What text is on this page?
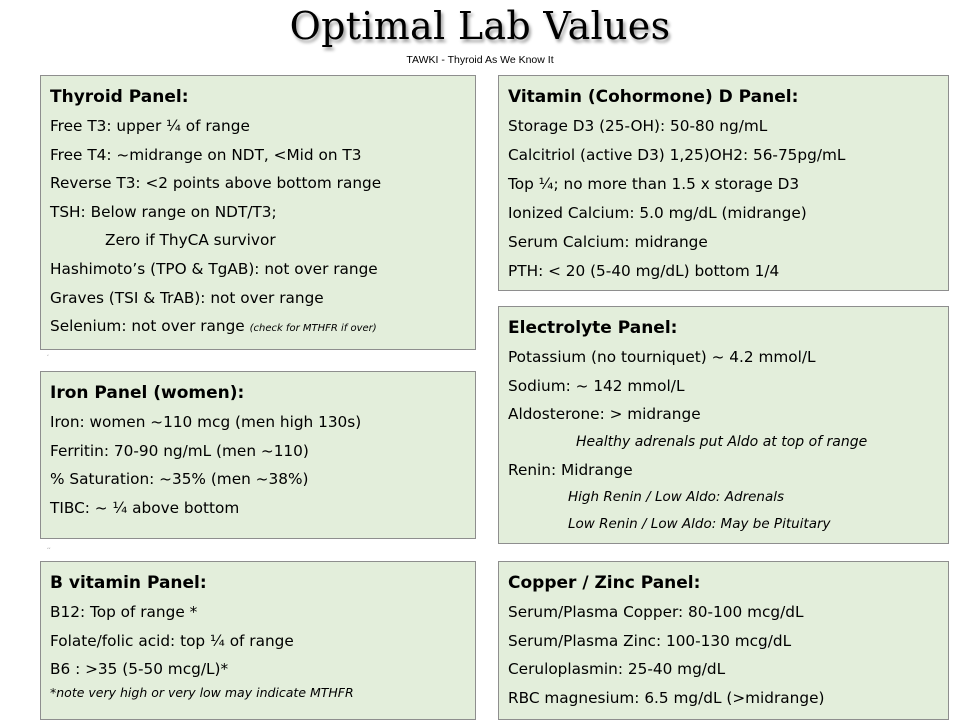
Optimal Lab Values
TAWKI - Thyroid As We Know It
Thyroid Panel:
Free T3: upper ¼ of range
Free T4: ~midrange on NDT, <Mid on T3
Reverse T3: <2 points above bottom range
TSH: Below range on NDT/T3;
Zero if ThyCA survivor
Hashimoto’s (TPO & TgAB): not over range
Graves (TSI & TrAB): not over range
Selenium: not over range (check for MTHFR if over)
‘
Iron Panel (women):
Iron: women ~110 mcg (men high 130s)
Ferritin: 70-90 ng/mL (men ~110)
% Saturation: ~35% (men ~38%)
TIBC: ~ ¼ above bottom
‘‘
B vitamin Panel:
B12: Top of range *
Folate/folic acid: top ¼ of range
B6 : >35 (5-50 mcg/L)*
*note very high or very low may indicate MTHFR
Vitamin (Cohormone) D Panel:
Storage D3 (25-OH): 50-80 ng/mL
Calcitriol (active D3) 1,25)OH2: 56-75pg/mL
Top ¼; no more than 1.5 x storage D3
Ionized Calcium: 5.0 mg/dL (midrange)
Serum Calcium: midrange
PTH: < 20 (5-40 mg/dL) bottom 1/4
Electrolyte Panel:
Potassium (no tourniquet) ~ 4.2 mmol/L
Sodium: ~ 142 mmol/L
Aldosterone: > midrange
Healthy adrenals put Aldo at top of range
Renin: Midrange
High Renin / Low Aldo: Adrenals
Low Renin / Low Aldo: May be Pituitary
Copper / Zinc Panel:
Serum/Plasma Copper: 80-100 mcg/dL
Serum/Plasma Zinc: 100-130 mcg/dL
Ceruloplasmin: 25-40 mg/dL
RBC magnesium: 6.5 mg/dL (>midrange)
